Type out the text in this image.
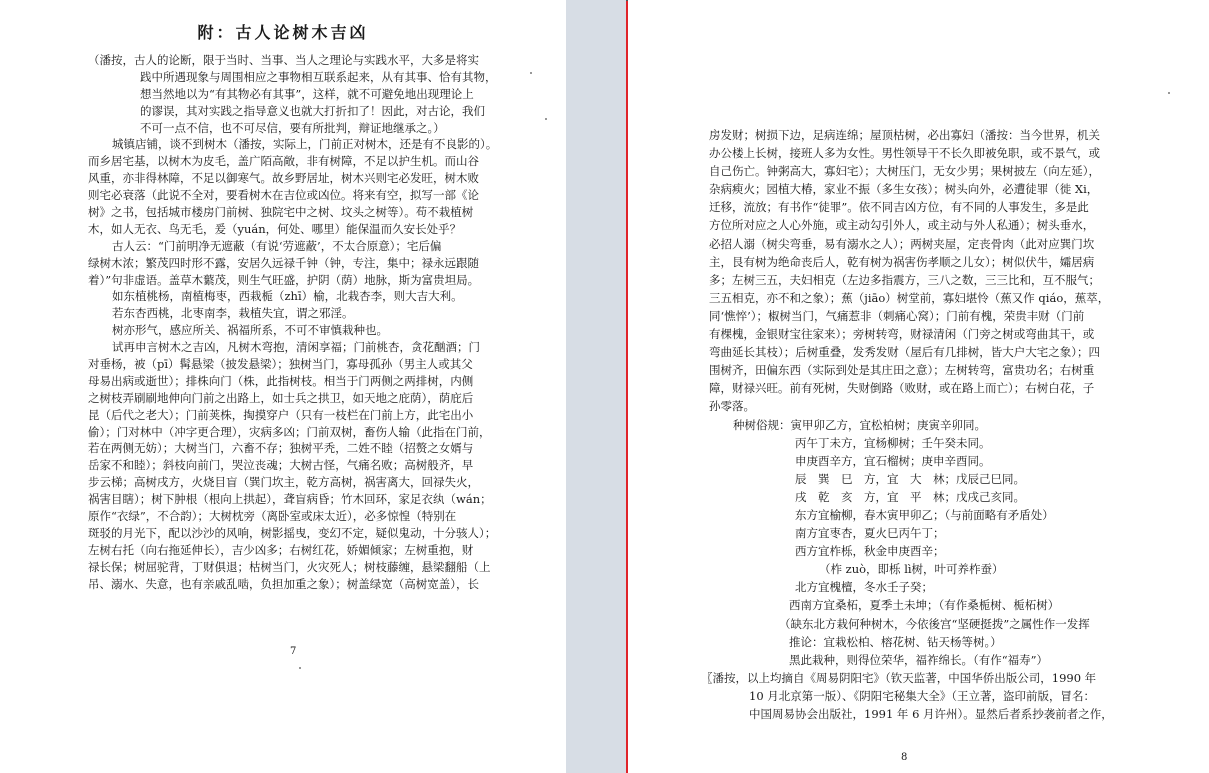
附：古人论树木吉凶
（潘按，古人的论断，限于当时、当事、当人之理论与实践水平，大多是将实
践中所遇现象与周围相应之事物相互联系起来，从有其事、恰有其物，
想当然地以为“有其物必有其事”，这样，就不可避免地出现理论上
的谬误，其对实践之指导意义也就大打折扣了！因此，对古论，我们
不可一点不信，也不可尽信，要有所批判，辩证地继承之。）
城镇店铺，谈不到树木（潘按，实际上，门前正对树木，还是有不良影的）。
而乡居宅基，以树木为皮毛，盖广陌高敞，非有树障，不足以护生机。而山谷
风重，亦非得林障，不足以御寒气。故乡野居址，树木兴则宅必发旺，树木败
则宅必衰落（此说不全对，要看树木在吉位或凶位。将来有空，拟写一部《论
树》之书，包括城市楼房门前树、独院宅中之树、坟头之树等）。苟不栽植树
木，如人无衣、鸟无毛，爰（yuán，何处、哪里）能保温而久安长处乎？
古人云：“门前明净无遮蔽（有说‘劳遮蔽’，不太合原意）；宅后偏
绿树木浓；繁茂四时形不露，安居久远禄千钟（钟，专注，集中；禄永远跟随
着）”句非虚语。盖草木蘩茂，则生气旺盛，护阴（荫）地脉，斯为富贵坦局。
如东植桃杨，南植梅枣，西栽栀（zhī）榆，北栽杏李，则大吉大利。
若东杏西桃，北枣南李，栽植失宜，谓之邪淫。
树亦形气，感应所关、祸福所系，不可不审慎栽种也。
试再申言树木之吉凶，凡树木弯抱，清闲享福；门前桃杏，贪花酗酒；门
对垂杨，被（pī）髯悬梁（披发悬梁）；独树当门，寡母孤孙（男主人或其父
母易出病或逝世）；排株向门（株，此指树枝。相当于门两侧之两排树，内侧
之树枝弄刷刷地伸向门前之出路上，如士兵之拱卫，如天地之庇荫），荫庇后
昆（后代之老大）；门前荚株，掏摸穿户（只有一枝栏在门前上方，此宅出小
偷）；门对林中（冲字更合理），灾病多凶；门前双树，畜伤人输（此指在门前，
若在两侧无妨）；大树当门，六畜不存；独树平秃，二姓不睦（招赘之女婿与
岳家不和睦）；斜枝向前门，哭泣丧魂；大树古怪，气痛名败；高树般齐，早
步云梯；高树戌方，火烧目盲（巽门坎主，乾方高树，祸害离大，回禄失火，
祸害目瞎）；树下肿根（根向上拱起），聋盲病昏；竹木回环，家足衣纨（wán；
原作“衣绿”，不合韵）；大树枕旁（离卧室或床太近），必多惊惶（特别在
斑驳的月光下，配以沙沙的风响，树影摇曳，变幻不定，疑似鬼动，十分骇人）；
左树右托（向右拖延伸长），吉少凶多；右树红花，娇媚倾家；左树重抱，财
禄长保；树屈驼背，丁财俱退；枯树当门，火灾死人；树枝藤缠，悬梁翻船（上
吊、溺水、失意，也有亲戚乱啮，负担加重之象）；树盖绿宽（高树宽盖），长
7
房发财；树损下边，足病连绵；屋顶枯树，必出寡妇（潘按：当今世界，机关
办公楼上长树，接班人多为女性。男性领导干不长久即被免职，或不景气，或
自己伤亡。钟粥高大，寡妇宅）；大树压门，无女少男；果树披左（向左延），
杂病瘐火；园植大椿，家业不振（多生女孩）；树头向外，必遭徒罪（徙 Xi，
迁移，流放；有书作“徒罪”。依不同吉凶方位，有不同的人事发生，多是此
方位所对应之人心外施，或主动勾引外人，或主动与外人私通）；树头垂水，
必招人溺（树尖弯垂，易有溺水之人）；两树夹屋，定丧骨肉（此对应巽门坎
主，艮有树为绝命丧后人，乾有树为祸害伤孝顺之儿女）；树似伏牛，孀居病
多；左树三五，夫妇相克（左边多指震方，三八之数，三三比和，互不服气；
三五相克，亦不和之象）；蕉（jiāo）树堂前，寡妇堪怜（蕉又作 qiáo，蕉萃，
同‘憔悴’）；椒树当门，气痛惹非（刺痛心窝）；门前有槐，荣贵丰财（门前
有棵槐，金银财宝往家来）；旁树转弯，财禄清闲（门旁之树或弯曲其干，或
弯曲延长其枝）；后树重叠，发秀发财（屋后有几排树，皆大户大宅之象）；四
围树齐，田偏东西（实际到处是其庄田之意）；左树转弯，富贵功名；右树重
障，财禄兴旺。前有死树，失财倒路（败财，或在路上而亡）；右树白花，子
孙零落。
种树俗规：寅甲卯乙方，宜松柏树；庚寅辛卯同。
丙午丁未方，宜杨柳树；壬午癸未同。
申庚酉辛方，宜石榴树；庚申辛酉同。
辰　巽　巳　方，宜　大　林；戊辰己巳同。
戌　乾　亥　方，宜　平　林；戊戌己亥同。
东方宜榆柳，春木寅甲卯乙；（与前面略有矛盾处）
南方宜枣杏，夏火巳丙午丁；
西方宜柞栎，秋金申庚酉辛；
（柞 zuò，即栎 lì树，叶可养柞蚕）
北方宜槐檀，冬水壬子癸；
西南方宜桑柘，夏季土未坤；（有作桑栀树、栀柘树）
（缺东北方栽何种树木，今依後宫“坚硬挺拨”之属性作一发挥
推论：宜栽松柏、榕花树、钻天杨等树。）
黑此栽种，则得位荣华，福祚绵长。（有作“福寿”）
〖潘按，以上均摘自《周易阴阳宅》（钦天监著，中国华侨出版公司，1990 年
10 月北京第一版）、《阴阳宅秘集大全》（王立著，盗印前版，冒名：
中国周易协会出版社，1991 年 6 月许州）。显然后者系抄袭前者之作，
8
